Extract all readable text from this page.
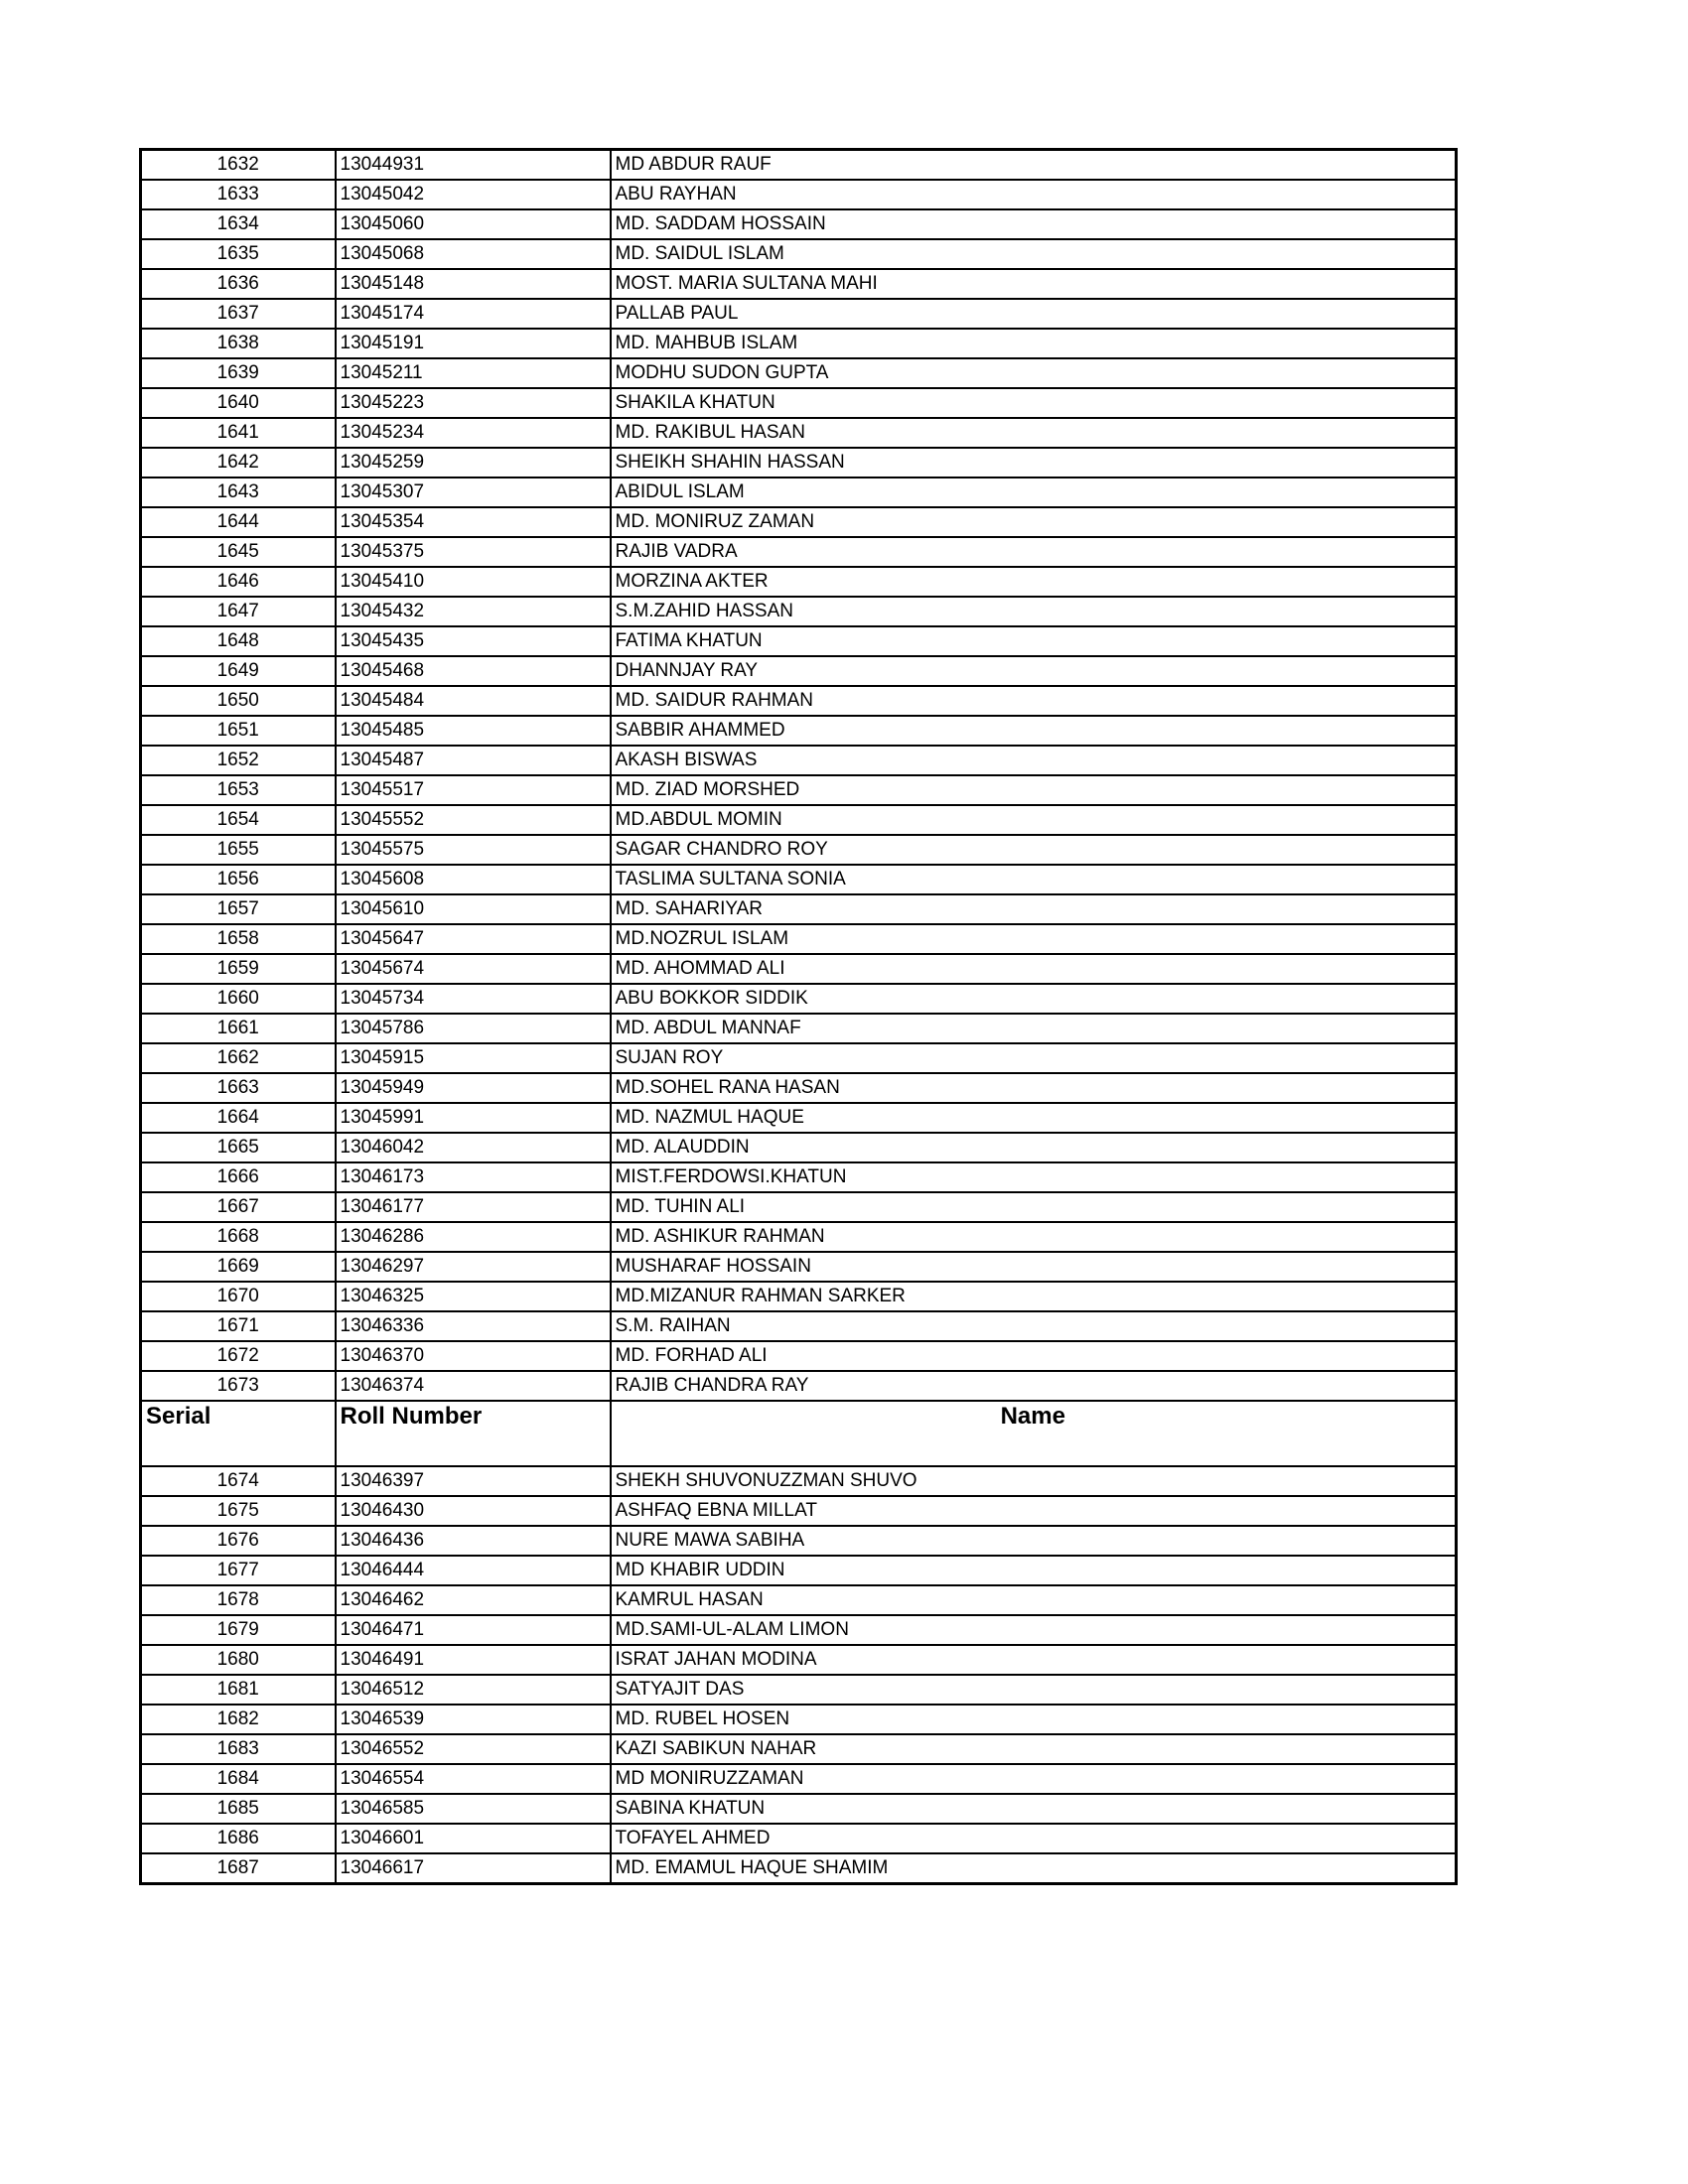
1632	13044931	MD ABDUR RAUF
1633	13045042	ABU RAYHAN
1634	13045060	MD. SADDAM HOSSAIN
1635	13045068	MD. SAIDUL ISLAM
1636	13045148	MOST. MARIA SULTANA MAHI
1637	13045174	PALLAB PAUL
1638	13045191	MD. MAHBUB ISLAM
1639	13045211	MODHU SUDON GUPTA
1640	13045223	SHAKILA KHATUN
1641	13045234	MD. RAKIBUL HASAN
1642	13045259	SHEIKH SHAHIN HASSAN
1643	13045307	ABIDUL ISLAM
1644	13045354	MD. MONIRUZ ZAMAN
1645	13045375	RAJIB VADRA
1646	13045410	MORZINA AKTER
1647	13045432	S.M.ZAHID HASSAN
1648	13045435	FATIMA KHATUN
1649	13045468	DHANNJAY RAY
1650	13045484	MD. SAIDUR RAHMAN
1651	13045485	SABBIR AHAMMED
1652	13045487	AKASH BISWAS
1653	13045517	MD. ZIAD MORSHED
1654	13045552	MD.ABDUL MOMIN
1655	13045575	SAGAR CHANDRO ROY
1656	13045608	TASLIMA SULTANA SONIA
1657	13045610	MD. SAHARIYAR
1658	13045647	MD.NOZRUL ISLAM
1659	13045674	MD. AHOMMAD ALI
1660	13045734	ABU BOKKOR SIDDIK
1661	13045786	MD. ABDUL MANNAF
1662	13045915	SUJAN ROY
1663	13045949	MD.SOHEL RANA HASAN
1664	13045991	MD. NAZMUL HAQUE
1665	13046042	MD. ALAUDDIN
1666	13046173	MIST.FERDOWSI.KHATUN
1667	13046177	MD. TUHIN ALI
1668	13046286	MD. ASHIKUR RAHMAN
1669	13046297	MUSHARAF HOSSAIN
1670	13046325	MD.MIZANUR RAHMAN SARKER
1671	13046336	S.M. RAIHAN
1672	13046370	MD. FORHAD ALI
1673	13046374	RAJIB CHANDRA RAY
Serial	Roll Number	Name
1674	13046397	SHEKH SHUVONUZZMAN SHUVO
1675	13046430	ASHFAQ EBNA MILLAT
1676	13046436	NURE MAWA SABIHA
1677	13046444	MD KHABIR UDDIN
1678	13046462	KAMRUL HASAN
1679	13046471	MD.SAMI-UL-ALAM LIMON
1680	13046491	ISRAT JAHAN MODINA
1681	13046512	SATYAJIT DAS
1682	13046539	MD. RUBEL HOSEN
1683	13046552	KAZI SABIKUN NAHAR
1684	13046554	MD MONIRUZZAMAN
1685	13046585	SABINA KHATUN
1686	13046601	TOFAYEL AHMED
1687	13046617	MD. EMAMUL HAQUE SHAMIM
